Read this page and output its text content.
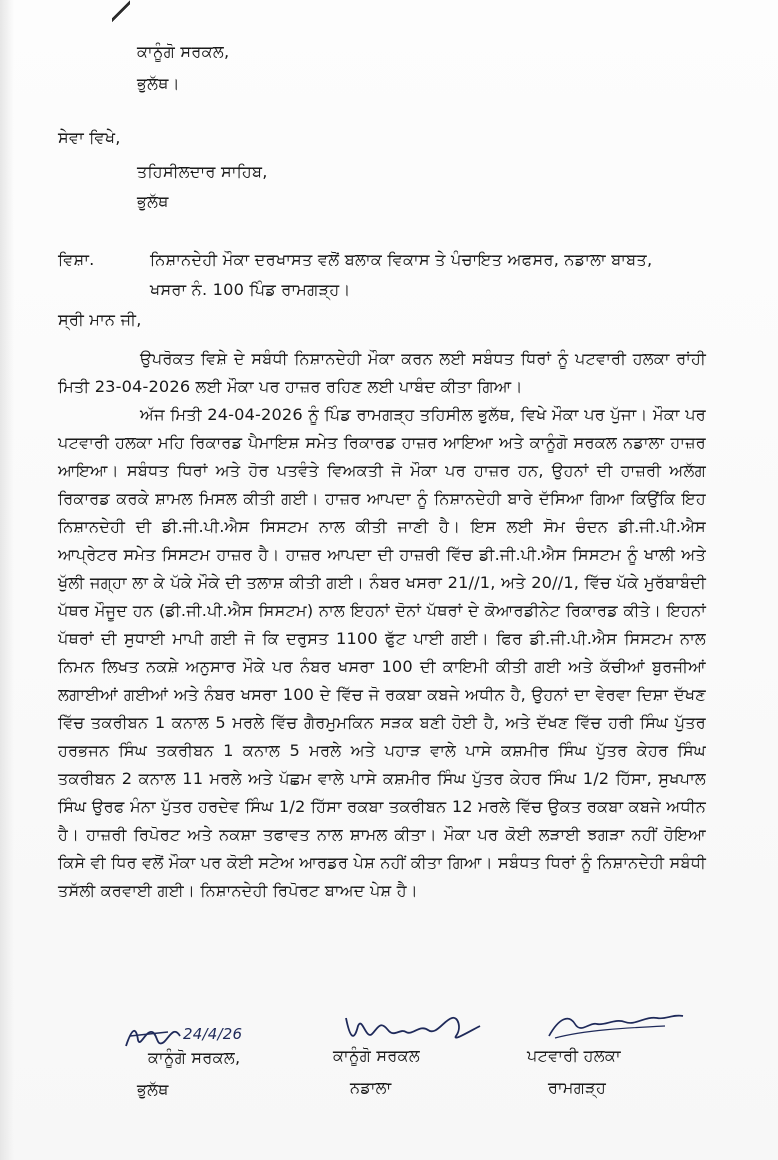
ਕਾਨੂੰਗੋ ਸਰਕਲ,
ਭੁਲੱਥ।
ਸੇਵਾ ਵਿਖੇ,
ਤਹਿਸੀਲਦਾਰ ਸਾਹਿਬ,
ਭੁਲੱਥ
ਵਿਸ਼ਾ.	ਨਿਸ਼ਾਨਦੇਹੀ ਮੌਕਾ ਦਰਖਾਸਤ ਵਲੋਂ ਬਲਾਕ ਵਿਕਾਸ ਤੇ ਪੰਚਾਇਤ ਅਫਸਰ, ਨਡਾਲਾ ਬਾਬਤ,
ਖਸਰਾ ਨੰ. 100 ਪਿੰਡ ਰਾਮਗੜ੍ਹ।
ਸ੍ਰੀ ਮਾਨ ਜੀ,

ਉਪਰੋਕਤ ਵਿਸ਼ੇ ਦੇ ਸਬੰਧੀ ਨਿਸ਼ਾਨਦੇਹੀ ਮੌਕਾ ਕਰਨ ਲਈ ਸਬੰਧਤ ਧਿਰਾਂ ਨੂੰ ਪਟਵਾਰੀ ਹਲਕਾ ਰਾਂਹੀ ਮਿਤੀ 23-04-2026 ਲਈ ਮੌਕਾ ਪਰ ਹਾਜ਼ਰ ਰਹਿਣ ਲਈ ਪਾਬੰਦ ਕੀਤਾ ਗਿਆ।

ਅੱਜ ਮਿਤੀ 24-04-2026 ਨੂੰ ਪਿੰਡ ਰਾਮਗੜ੍ਹ ਤਹਿਸੀਲ ਭੁਲੱਥ, ਵਿਖੇ ਮੌਕਾ ਪਰ ਪੁੱਜਾ। ਮੌਕਾ ਪਰ ਪਟਵਾਰੀ ਹਲਕਾ ਮਹਿ ਰਿਕਾਰਡ ਪੈਮਾਇਸ਼ ਸਮੇਤ ਰਿਕਾਰਡ ਹਾਜ਼ਰ ਆਇਆ ਅਤੇ ਕਾਨੂੰਗੋ ਸਰਕਲ ਨਡਾਲਾ ਹਾਜ਼ਰ ਆਇਆ। ਸਬੰਧਤ ਧਿਰਾਂ ਅਤੇ ਹੋਰ ਪਤਵੰਤੇ ਵਿਅਕਤੀ ਜੋ ਮੌਕਾ ਪਰ ਹਾਜ਼ਰ ਹਨ, ਉਹਨਾਂ ਦੀ ਹਾਜ਼ਰੀ ਅਲੱਗ ਰਿਕਾਰਡ ਕਰਕੇ ਸ਼ਾਮਲ ਮਿਸਲ ਕੀਤੀ ਗਈ। ਹਾਜ਼ਰ ਆਪਦਾ ਨੂੰ ਨਿਸ਼ਾਨਦੇਹੀ ਬਾਰੇ ਦੱਸਿਆ ਗਿਆ ਕਿਉਂਕਿ ਇਹ ਨਿਸ਼ਾਨਦੇਹੀ ਦੀ ਡੀ.ਜੀ.ਪੀ.ਐਸ ਸਿਸਟਮ ਨਾਲ ਕੀਤੀ ਜਾਣੀ ਹੈ। ਇਸ ਲਈ ਸੋਮ ਚੰਦਨ ਡੀ.ਜੀ.ਪੀ.ਐਸ ਆਪ੍ਰੇਟਰ ਸਮੇਤ ਸਿਸਟਮ ਹਾਜ਼ਰ ਹੈ। ਹਾਜ਼ਰ ਆਪਦਾ ਦੀ ਹਾਜ਼ਰੀ ਵਿੱਚ ਡੀ.ਜੀ.ਪੀ.ਐਸ ਸਿਸਟਮ ਨੂੰ ਖਾਲੀ ਅਤੇ ਖੁੱਲੀ ਜਗ੍ਹਾ ਲਾ ਕੇ ਪੱਕੇ ਮੌਕੇ ਦੀ ਤਲਾਸ਼ ਕੀਤੀ ਗਈ। ਨੰਬਰ ਖਸਰਾ 21//1, ਅਤੇ 20//1, ਵਿੱਚ ਪੱਕੇ ਮੁਰੱਬਾਬੰਦੀ ਪੱਥਰ ਮੌਜੂਦ ਹਨ (ਡੀ.ਜੀ.ਪੀ.ਐਸ ਸਿਸਟਮ) ਨਾਲ ਇਹਨਾਂ ਦੋਨਾਂ ਪੱਥਰਾਂ ਦੇ ਕੋਆਰਡੀਨੇਟ ਰਿਕਾਰਡ ਕੀਤੇ। ਇਹਨਾਂ ਪੱਥਰਾਂ ਦੀ ਸੁਧਾਈ ਮਾਪੀ ਗਈ ਜੋ ਕਿ ਦਰੁਸਤ 1100 ਫੁੱਟ ਪਾਈ ਗਈ। ਫਿਰ ਡੀ.ਜੀ.ਪੀ.ਐਸ ਸਿਸਟਮ ਨਾਲ ਨਿਮਨ ਲਿਖਤ ਨਕਸ਼ੇ ਅਨੁਸਾਰ ਮੌਕੇ ਪਰ ਨੰਬਰ ਖਸਰਾ 100 ਦੀ ਕਾਇਮੀ ਕੀਤੀ ਗਈ ਅਤੇ ਕੱਚੀਆਂ ਬੁਰਜੀਆਂ ਲਗਾਈਆਂ ਗਈਆਂ ਅਤੇ ਨੰਬਰ ਖਸਰਾ 100 ਦੇ ਵਿੱਚ ਜੋ ਰਕਬਾ ਕਬਜੇ ਅਧੀਨ ਹੈ, ਉਹਨਾਂ ਦਾ ਵੇਰਵਾ ਦਿਸ਼ਾ ਦੱਖਣ ਵਿੱਚ ਤਕਰੀਬਨ 1 ਕਨਾਲ 5 ਮਰਲੇ ਵਿੱਚ ਗੈਰਮੁਮਕਿਨ ਸੜਕ ਬਣੀ ਹੋਈ ਹੈ, ਅਤੇ ਦੱਖਣ ਵਿੱਚ ਹਰੀ ਸਿੰਘ ਪੁੱਤਰ ਹਰਭਜਨ ਸਿੰਘ ਤਕਰੀਬਨ 1 ਕਨਾਲ 5 ਮਰਲੇ ਅਤੇ ਪਹਾੜ ਵਾਲੇ ਪਾਸੇ ਕਸ਼ਮੀਰ ਸਿੰਘ ਪੁੱਤਰ ਕੇਹਰ ਸਿੰਘ ਤਕਰੀਬਨ 2 ਕਨਾਲ 11 ਮਰਲੇ ਅਤੇ ਪੱਛਮ ਵਾਲੇ ਪਾਸੇ ਕਸ਼ਮੀਰ ਸਿੰਘ ਪੁੱਤਰ ਕੇਹਰ ਸਿੰਘ 1/2 ਹਿੱਸਾ, ਸੁਖਪਾਲ ਸਿੰਘ ਉਰਫ ਮੰਨਾ ਪੁੱਤਰ ਹਰਦੇਵ ਸਿੰਘ 1/2 ਹਿੱਸਾ ਰਕਬਾ ਤਕਰੀਬਨ 12 ਮਰਲੇ ਵਿੱਚ ਉਕਤ ਰਕਬਾ ਕਬਜੇ ਅਧੀਨ ਹੈ। ਹਾਜ਼ਰੀ ਰਿਪੋਰਟ ਅਤੇ ਨਕਸ਼ਾ ਤਫਾਵਤ ਨਾਲ ਸ਼ਾਮਲ ਕੀਤਾ। ਮੌਕਾ ਪਰ ਕੋਈ ਲੜਾਈ ਝਗੜਾ ਨਹੀਂ ਹੋਇਆ ਕਿਸੇ ਵੀ ਧਿਰ ਵਲੋਂ ਮੌਕਾ ਪਰ ਕੋਈ ਸਟੇਅ ਆਰਡਰ ਪੇਸ਼ ਨਹੀਂ ਕੀਤਾ ਗਿਆ। ਸਬੰਧਤ ਧਿਰਾਂ ਨੂੰ ਨਿਸ਼ਾਨਦੇਹੀ ਸਬੰਧੀ ਤਸੱਲੀ ਕਰਵਾਈ ਗਈ। ਨਿਸ਼ਾਨਦੇਹੀ ਰਿਪੋਰਟ ਬਾਅਦ ਪੇਸ਼ ਹੈ।

24/4/26
ਕਾਨੂੰਗੋ ਸਰਕਲ,
ਭੁਲੱਥ
ਕਾਨੂੰਗੋ ਸਰਕਲ
ਨਡਾਲਾ
ਪਟਵਾਰੀ ਹਲਕਾ
ਰਾਮਗੜ੍ਹ
